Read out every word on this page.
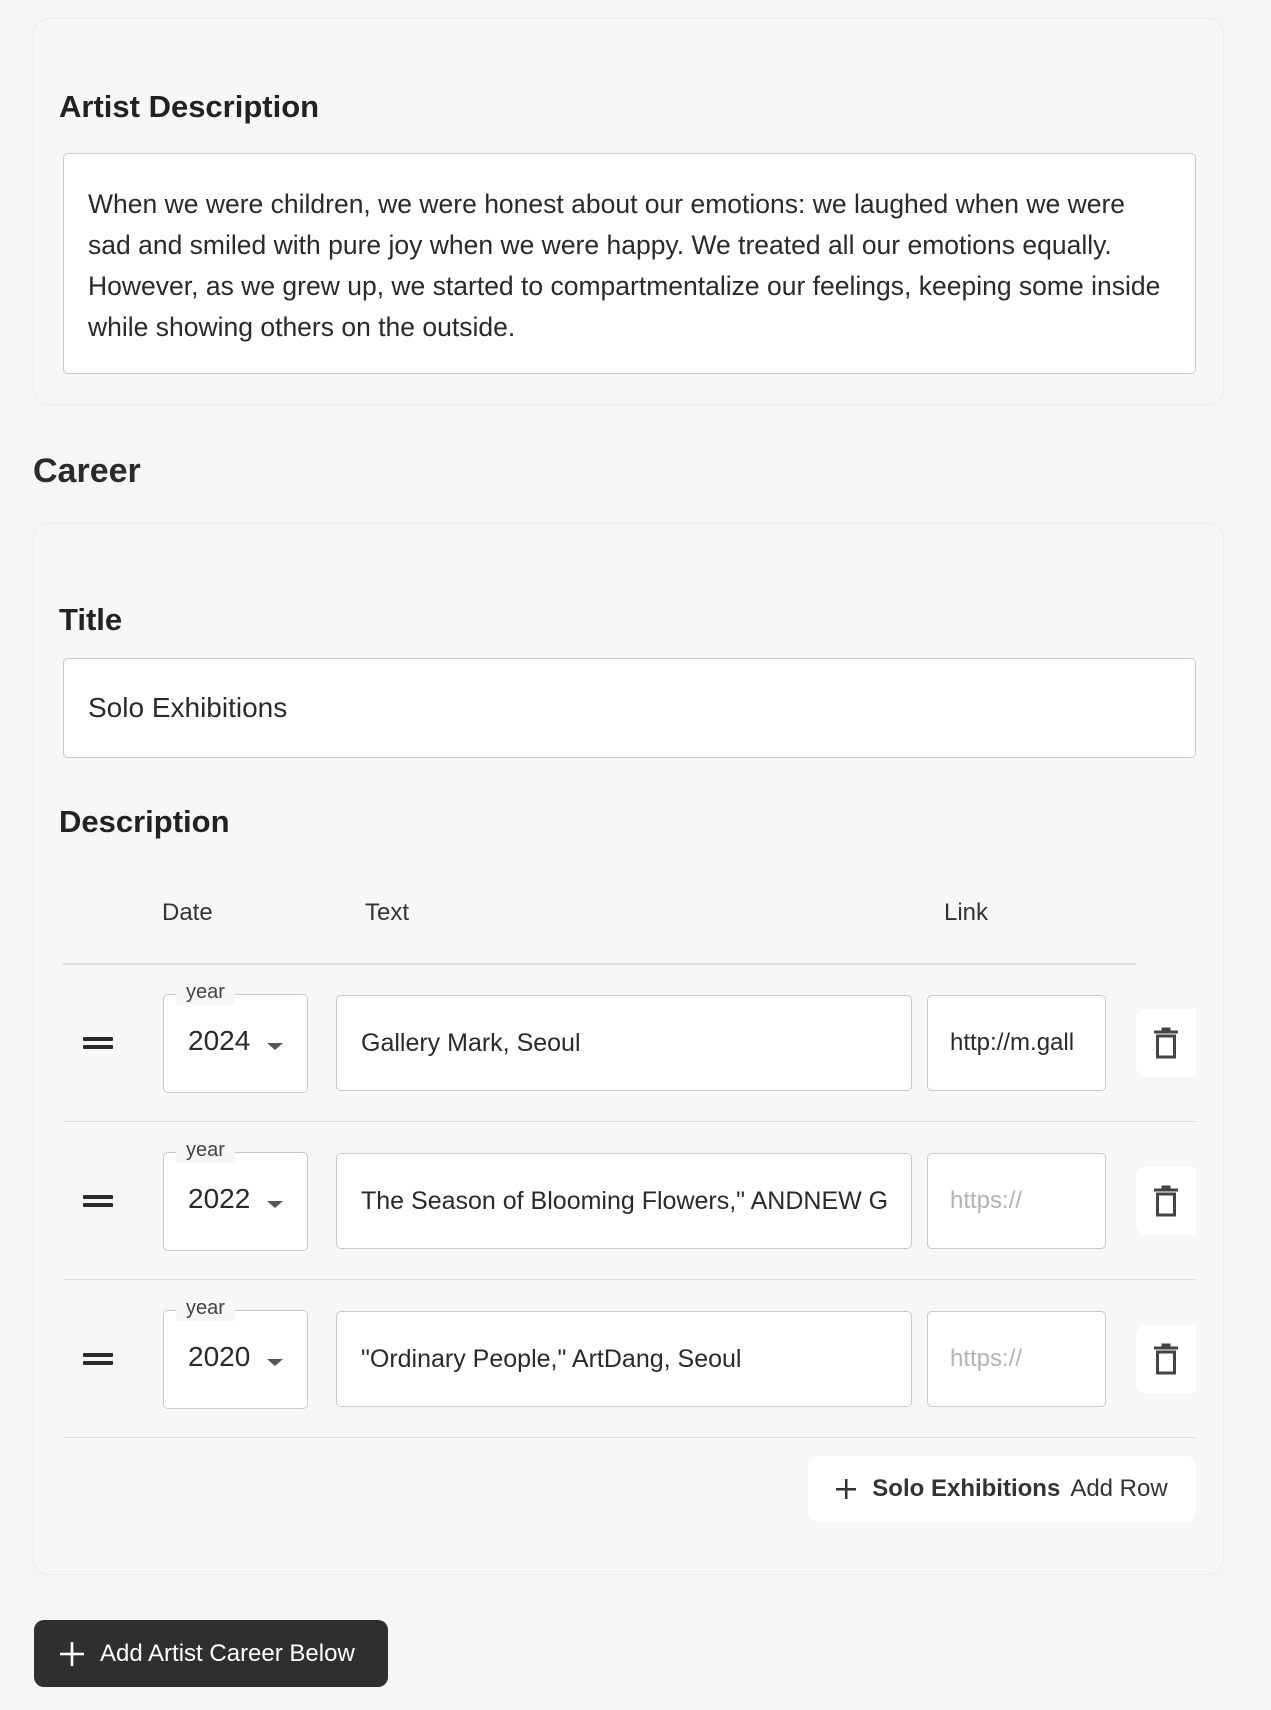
Artist Description
When we were children, we were honest about our emotions: we laughed when we were sad and smiled with pure joy when we were happy. We treated all our emotions equally. However, as we grew up, we started to compartmentalize our feelings, keeping some inside while showing others on the outside.
Career
Title
Solo Exhibitions
Description
Date	Text	Link
year
2024	Gallery Mark, Seoul	http://m.gall
year
2022	The Season of Blooming Flowers," ANDNEW G	https://
year
2020	"Ordinary People," ArtDang, Seoul	https://
Solo Exhibitions Add Row
Add Artist Career Below
